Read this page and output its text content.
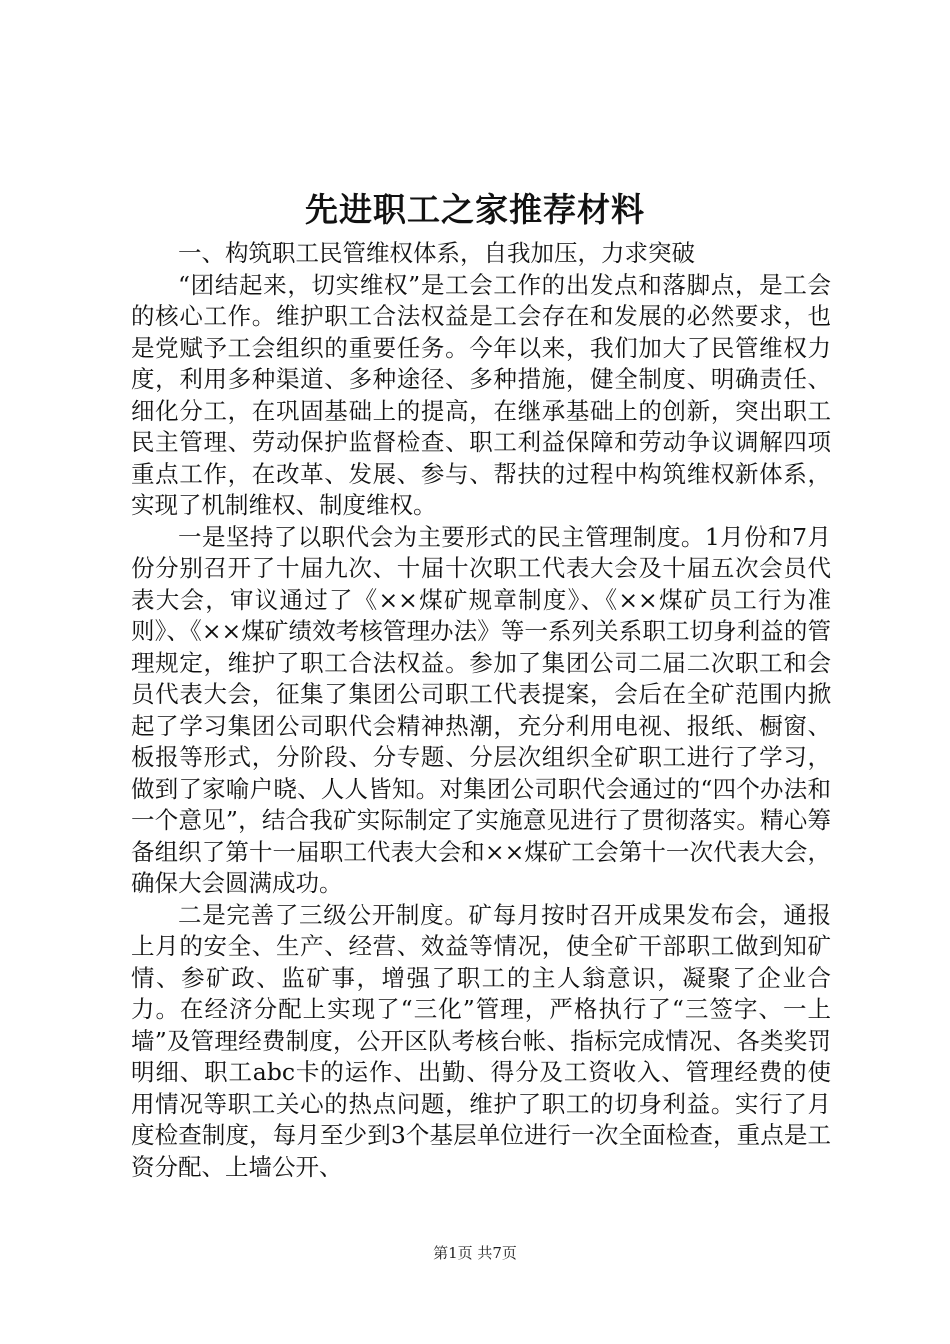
先进职工之家推荐材料

一、构筑职工民管维权体系，自我加压，力求突破

“团结起来，切实维权”是工会工作的出发点和落脚点，是工会的核心工作。维护职工合法权益是工会存在和发展的必然要求，也是党赋予工会组织的重要任务。今年以来，我们加大了民管维权力度，利用多种渠道、多种途径、多种措施，健全制度、明确责任、细化分工，在巩固基础上的提高，在继承基础上的创新，突出职工民主管理、劳动保护监督检查、职工利益保障和劳动争议调解四项重点工作，在改革、发展、参与、帮扶的过程中构筑维权新体系，实现了机制维权、制度维权。

一是坚持了以职代会为主要形式的民主管理制度。1月份和7月份分别召开了十届九次、十届十次职工代表大会及十届五次会员代表大会，审议通过了《××煤矿规章制度》、《××煤矿员工行为准则》、《××煤矿绩效考核管理办法》等一系列关系职工切身利益的管理规定，维护了职工合法权益。参加了集团公司二届二次职工和会员代表大会，征集了集团公司职工代表提案，会后在全矿范围内掀起了学习集团公司职代会精神热潮，充分利用电视、报纸、橱窗、板报等形式，分阶段、分专题、分层次组织全矿职工进行了学习，做到了家喻户晓、人人皆知。对集团公司职代会通过的“四个办法和一个意见”，结合我矿实际制定了实施意见进行了贯彻落实。精心筹备组织了第十一届职工代表大会和××煤矿工会第十一次代表大会，确保大会圆满成功。

二是完善了三级公开制度。矿每月按时召开成果发布会，通报上月的安全、生产、经营、效益等情况，使全矿干部职工做到知矿情、参矿政、监矿事，增强了职工的主人翁意识，凝聚了企业合力。在经济分配上实现了“三化”管理，严格执行了“三签字、一上墙”及管理经费制度，公开区队考核台帐、指标完成情况、各类奖罚明细、职工abc卡的运作、出勤、得分及工资收入、管理经费的使用情况等职工关心的热点问题，维护了职工的切身利益。实行了月度检查制度，每月至少到3个基层单位进行一次全面检查，重点是工资分配、上墙公开、

第1页 共7页
